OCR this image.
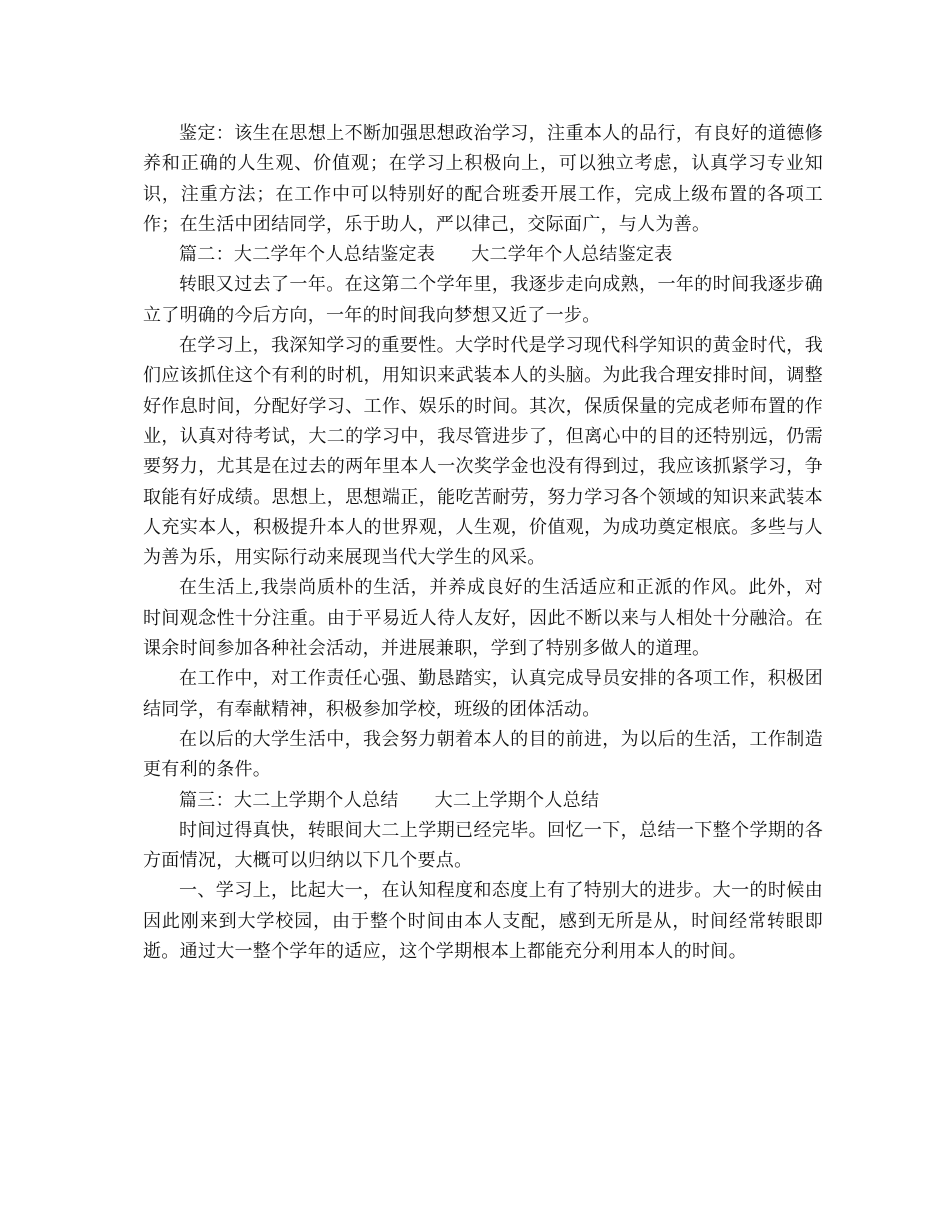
鉴定：该生在思想上不断加强思想政治学习，注重本人的品行，有良好的道德修养和正确的人生观、价值观；在学习上积极向上，可以独立考虑，认真学习专业知识，注重方法；在工作中可以特别好的配合班委开展工作，完成上级布置的各项工作；在生活中团结同学，乐于助人，严以律己，交际面广，与人为善。

篇二：大二学年个人总结鉴定表 大二学年个人总结鉴定表

转眼又过去了一年。在这第二个学年里，我逐步走向成熟，一年的时间我逐步确立了明确的今后方向，一年的时间我向梦想又近了一步。

在学习上，我深知学习的重要性。大学时代是学习现代科学知识的黄金时代，我们应该抓住这个有利的时机，用知识来武装本人的头脑。为此我合理安排时间，调整好作息时间，分配好学习、工作、娱乐的时间。其次，保质保量的完成老师布置的作业，认真对待考试，大二的学习中，我尽管进步了，但离心中的目的还特别远，仍需要努力，尤其是在过去的两年里本人一次奖学金也没有得到过，我应该抓紧学习，争取能有好成绩。思想上，思想端正，能吃苦耐劳，努力学习各个领域的知识来武装本人充实本人，积极提升本人的世界观，人生观，价值观，为成功奠定根底。多些与人为善为乐，用实际行动来展现当代大学生的风采。

在生活上,我崇尚质朴的生活，并养成良好的生活适应和正派的作风。此外，对时间观念性十分注重。由于平易近人待人友好，因此不断以来与人相处十分融洽。在课余时间参加各种社会活动，并进展兼职，学到了特别多做人的道理。

在工作中，对工作责任心强、勤恳踏实，认真完成导员安排的各项工作，积极团结同学，有奉献精神，积极参加学校，班级的团体活动。

在以后的大学生活中，我会努力朝着本人的目的前进，为以后的生活，工作制造更有利的条件。

篇三：大二上学期个人总结 大二上学期个人总结

时间过得真快，转眼间大二上学期已经完毕。回忆一下，总结一下整个学期的各方面情况，大概可以归纳以下几个要点。

一、学习上，比起大一，在认知程度和态度上有了特别大的进步。大一的时候由因此刚来到大学校园，由于整个时间由本人支配，感到无所是从，时间经常转眼即逝。通过大一整个学年的适应，这个学期根本上都能充分利用本人的时间。
